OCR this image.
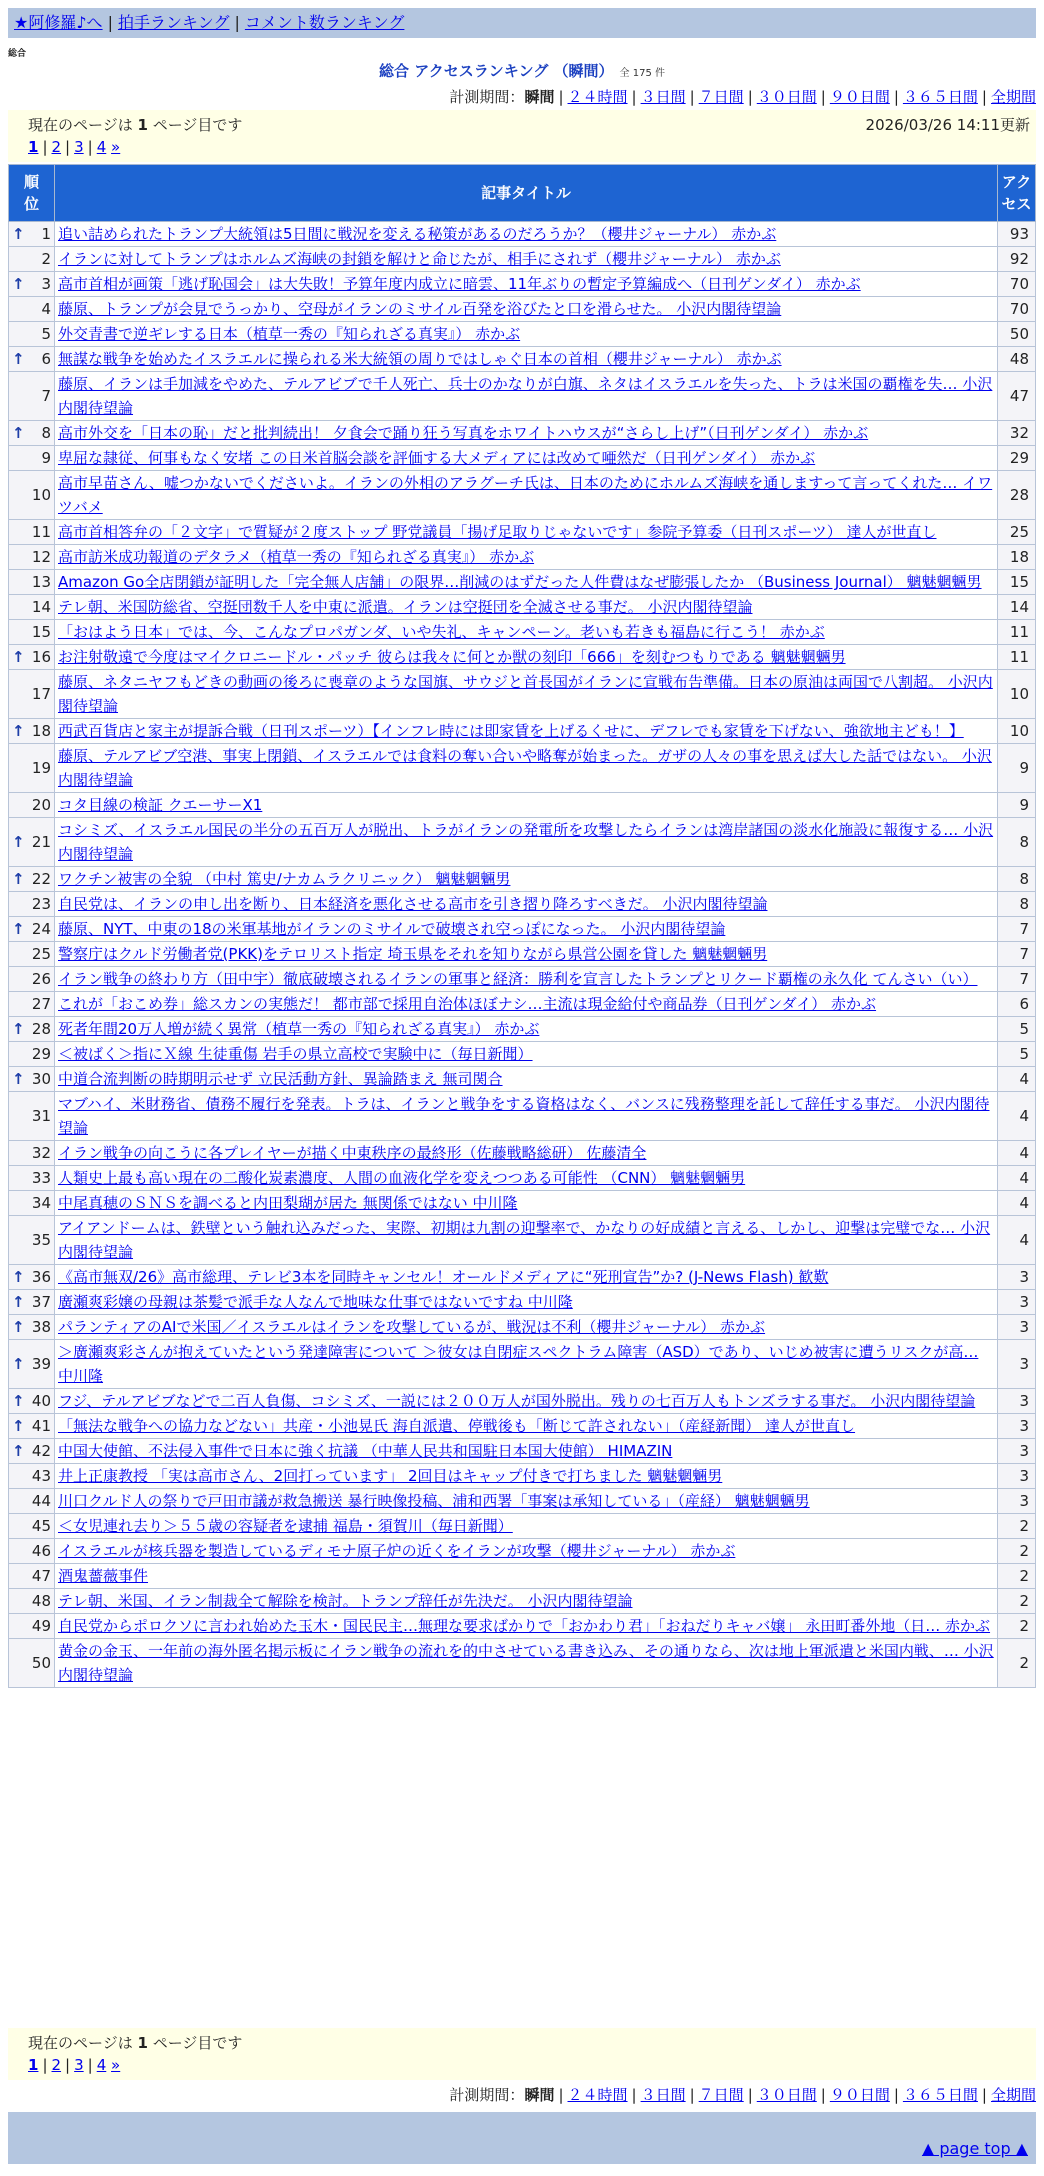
★阿修羅♪へ | 拍手ランキング | コメント数ランキング
総合
総合 アクセスランキング （瞬間） 全 175 件
計測期間：瞬間 | ２４時間 | ３日間 | ７日間 | ３０日間 | ９０日間 | ３６５日間 | 全期間
現在のページは 1 ページ目です
1 | 2 | 3 | 4 »
2026/03/26 14:11更新
順
位	記事タイトル	アク
セス

↑ 1	追い詰められたトランプ大統領は5日間に戦況を変える秘策があるのだろうか？（櫻井ジャーナル） 赤かぶ	93
2	イランに対してトランプはホルムズ海峡の封鎖を解けと命じたが、相手にされず（櫻井ジャーナル） 赤かぶ	92

↑ 3	高市首相が画策「逃げ恥国会」は大失敗！予算年度内成立に暗雲、11年ぶりの暫定予算編成へ（日刊ゲンダイ） 赤かぶ	70
4	藤原、トランプが会見でうっかり、空母がイランのミサイル百発を浴びたと口を滑らせた。 小沢内閣待望論	70
5	外交青書で逆ギレする日本（植草一秀の『知られざる真実』） 赤かぶ	50

↑ 6	無謀な戦争を始めたイスラエルに操られる米大統領の周りではしゃぐ日本の首相（櫻井ジャーナル） 赤かぶ	48
7	藤原、イランは手加減をやめた、テルアビブで千人死亡、兵士のかなりが白旗、ネタはイスラエルを失った、トラは米国の覇権を失… 小沢内閣待望論	47

↑ 8	高市外交を「日本の恥」だと批判続出！ 夕食会で踊り狂う写真をホワイトハウスが“さらし上げ”（日刊ゲンダイ） 赤かぶ	32
9	卑屈な隷従、何事もなく安堵 この日米首脳会談を評価する大メディアには改めて唖然だ（日刊ゲンダイ） 赤かぶ	29
10	高市早苗さん、嘘つかないでくださいよ。イランの外相のアラグーチ氏は、日本のためにホルムズ海峡を通しますって言ってくれた… イワツバメ	28
11	高市首相答弁の「２文字」で質疑が２度ストップ 野党議員「揚げ足取りじゃないです」参院予算委（日刊スポーツ） 達人が世直し	25
12	高市訪米成功報道のデタラメ（植草一秀の『知られざる真実』） 赤かぶ	18
13	Amazon Go全店閉鎖が証明した「完全無人店舗」の限界…削減のはずだった人件費はなぜ膨張したか （Business Journal） 魑魅魍魎男	15
14	テレ朝、米国防総省、空挺団数千人を中東に派遣。イランは空挺団を全滅させる事だ。 小沢内閣待望論	14
15	「おはよう日本」では、今、こんなプロパガンダ、いや失礼、キャンペーン。老いも若きも福島に行こう！ 赤かぶ	11

↑ 16	お注射敬遠で今度はマイクロニードル・パッチ 彼らは我々に何とか獣の刻印「666」を刻むつもりである 魑魅魍魎男	11
17	藤原、ネタニヤフもどきの動画の後ろに喪章のような国旗、サウジと首長国がイランに宣戦布告準備。日本の原油は両国で八割超。 小沢内閣待望論	10

↑ 18	西武百貨店と家主が提訴合戦（日刊スポーツ）【インフレ時には即家賃を上げるくせに、デフレでも家賃を下げない、強欲地主ども！】	10
19	藤原、テルアビブ空港、事実上閉鎖、イスラエルでは食料の奪い合いや略奪が始まった。ガザの人々の事を思えば大した話ではない。 小沢内閣待望論	9
20	コタ目線の検証 クエーサーX1	9

↑ 21	コシミズ、イスラエル国民の半分の五百万人が脱出、トラがイランの発電所を攻撃したらイランは湾岸諸国の淡水化施設に報復する… 小沢内閣待望論	8

↑ 22	ワクチン被害の全貌 （中村 篤史/ナカムラクリニック） 魑魅魍魎男	8
23	自民党は、イランの申し出を断り、日本経済を悪化させる高市を引き摺り降ろすべきだ。 小沢内閣待望論	8

↑ 24	藤原、NYT、中東の18の米軍基地がイランのミサイルで破壊され空っぽになった。 小沢内閣待望論	7
25	警察庁はクルド労働者党(PKK)をテロリスト指定 埼玉県をそれを知りながら県営公園を貸した 魑魅魍魎男	7
26	イラン戦争の終わり方（田中宇）徹底破壊されるイランの軍事と経済：勝利を宣言したトランプとリクード覇権の永久化 てんさい（い）	7
27	これが「おこめ券」総スカンの実態だ！ 都市部で採用自治体ほぼナシ…主流は現金給付や商品券（日刊ゲンダイ） 赤かぶ	6

↑ 28	死者年間20万人増が続く異常（植草一秀の『知られざる真実』） 赤かぶ	5
29	＜被ばく＞指にＸ線 生徒重傷 岩手の県立高校で実験中に（毎日新聞）	5

↑ 30	中道合流判断の時期明示せず 立民活動方針、異論踏まえ 無司関合	4
31	マブハイ、米財務省、債務不履行を発表。トラは、イランと戦争をする資格はなく、バンスに残務整理を託して辞任する事だ。 小沢内閣待望論	4
32	イラン戦争の向こうに各プレイヤーが描く中東秩序の最終形（佐藤戦略総研） 佐藤清全	4
33	人類史上最も高い現在の二酸化炭素濃度、人間の血液化学を変えつつある可能性 （CNN） 魑魅魍魎男	4
34	中尾真穂のＳＮＳを調べると内田梨瑚が居た 無関係ではない 中川隆	4
35	アイアンドームは、鉄壁という触れ込みだった、実際、初期は九割の迎撃率で、かなりの好成績と言える、しかし、迎撃は完璧でな… 小沢内閣待望論	4

↑ 36	《高市無双/26》高市総理、テレビ3本を同時キャンセル！オールドメディアに“死刑宣告”か? (J-News Flash) 歓歎	3

↑ 37	廣瀬爽彩嬢の母親は茶髪で派手な人なんで地味な仕事ではないですね 中川隆	3

↑ 38	パランティアのAIで米国／イスラエルはイランを攻撃しているが、戦況は不利（櫻井ジャーナル） 赤かぶ	3

↑ 39	＞廣瀬爽彩さんが抱えていたという発達障害について ＞彼女は自閉症スペクトラム障害（ASD）であり、いじめ被害に遭うリスクが高… 中川隆	3

↑ 40	フジ、テルアビブなどで二百人負傷、コシミズ、一説には２００万人が国外脱出。残りの七百万人もトンズラする事だ。 小沢内閣待望論	3

↑ 41	「無法な戦争への協力などない」共産・小池晃氏 海自派遣、停戦後も「断じて許されない」（産経新聞） 達人が世直し	3

↑ 42	中国大使館、不法侵入事件で日本に強く抗議 （中華人民共和国駐日本国大使館） HIMAZIN	3
43	井上正康教授 「実は高市さん、2回打っています」 2回目はキャップ付きで打ちました 魑魅魍魎男	3
44	川口クルド人の祭りで戸田市議が救急搬送 暴行映像投稿、浦和西署「事案は承知している」（産経） 魑魅魍魎男	3
45	＜女児連れ去り＞５５歳の容疑者を逮捕 福島・須賀川（毎日新聞）	2
46	イスラエルが核兵器を製造しているディモナ原子炉の近くをイランが攻撃（櫻井ジャーナル） 赤かぶ	2
47	酒鬼薔薇事件	2
48	テレ朝、米国、イラン制裁全て解除を検討。トランプ辞任が先決だ。 小沢内閣待望論	2
49	自民党からポロクソに言われ始めた玉木・国民民主…無理な要求ばかりで「おかわり君」「おねだりキャバ嬢」 永田町番外地（日… 赤かぶ	2
50	黄金の金玉、一年前の海外匿名掲示板にイラン戦争の流れを的中させている書き込み、その通りなら、次は地上軍派遣と米国内戦、… 小沢内閣待望論	2
現在のページは 1 ページ目です
1 | 2 | 3 | 4 »
計測期間：瞬間 | ２４時間 | ３日間 | ７日間 | ３０日間 | ９０日間 | ３６５日間 | 全期間
▲ page top ▲
